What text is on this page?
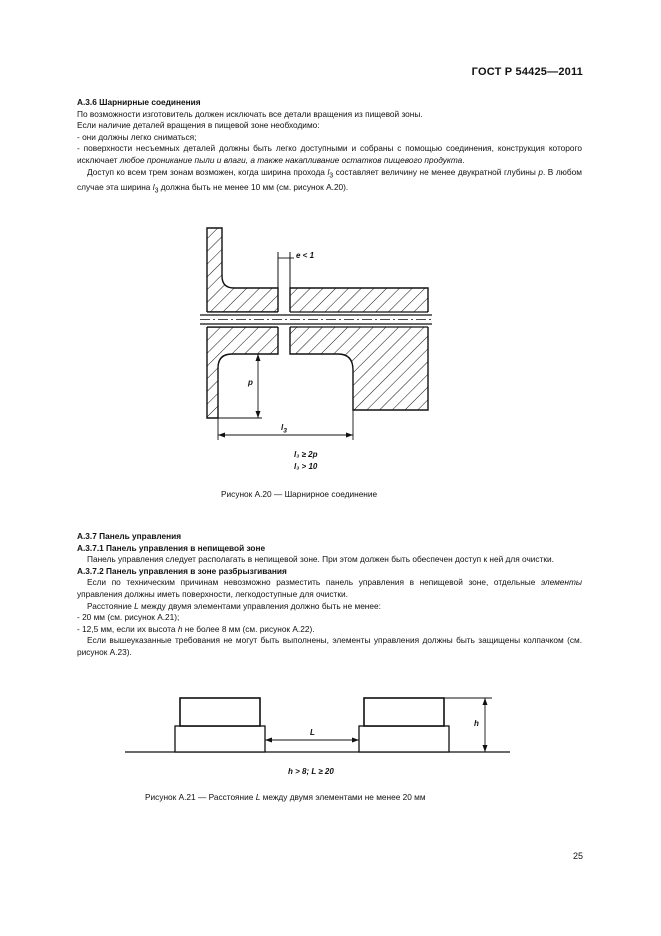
ГОСТ Р 54425—2011

А.3.6 Шарнирные соединения

По возможности изготовитель должен исключать все детали вращения из пищевой зоны.

Если наличие деталей вращения в пищевой зоне необходимо:

- они должны легко сниматься;

- поверхности несъемных деталей должны быть легко доступными и собраны с помощью соединения, конструкция которого исключает любое проникание пыли и влаги, а также накапливание остатков пищевого продукта.

Доступ ко всем трем зонам возможен, когда ширина прохода $l_3$ составляет величину не менее двукратной глубины p. В любом случае эта ширина $l_3$ должна быть не менее 10 мм (см. рисунок А.20).

e < 1
p
$l_3$
l₃ ≥ 2p
l₃ > 10
Рисунок А.20 — Шарнирное соединение

А.3.7 Панель управления

А.3.7.1 Панель управления в непищевой зоне

Панель управления следует располагать в непищевой зоне. При этом должен быть обеспечен доступ к ней для очистки.

А.3.7.2 Панель управления в зоне разбрызгивания

Если по техническим причинам невозможно разместить панель управления в непищевой зоне, отдельные элементы управления должны иметь поверхности, легкодоступные для очистки.

Расстояние L между двумя элементами управления должно быть не менее:

- 20 мм (см. рисунок А.21);

- 12,5 мм, если их высота h не более 8 мм (см. рисунок А.22).

Если вышеуказанные требования не могут быть выполнены, элементы управления должны быть защищены колпачком (см. рисунок А.23).

L
h
h > 8; L ≥ 20
Рисунок А.21 — Расстояние L между двумя элементами не менее 20 мм
25
